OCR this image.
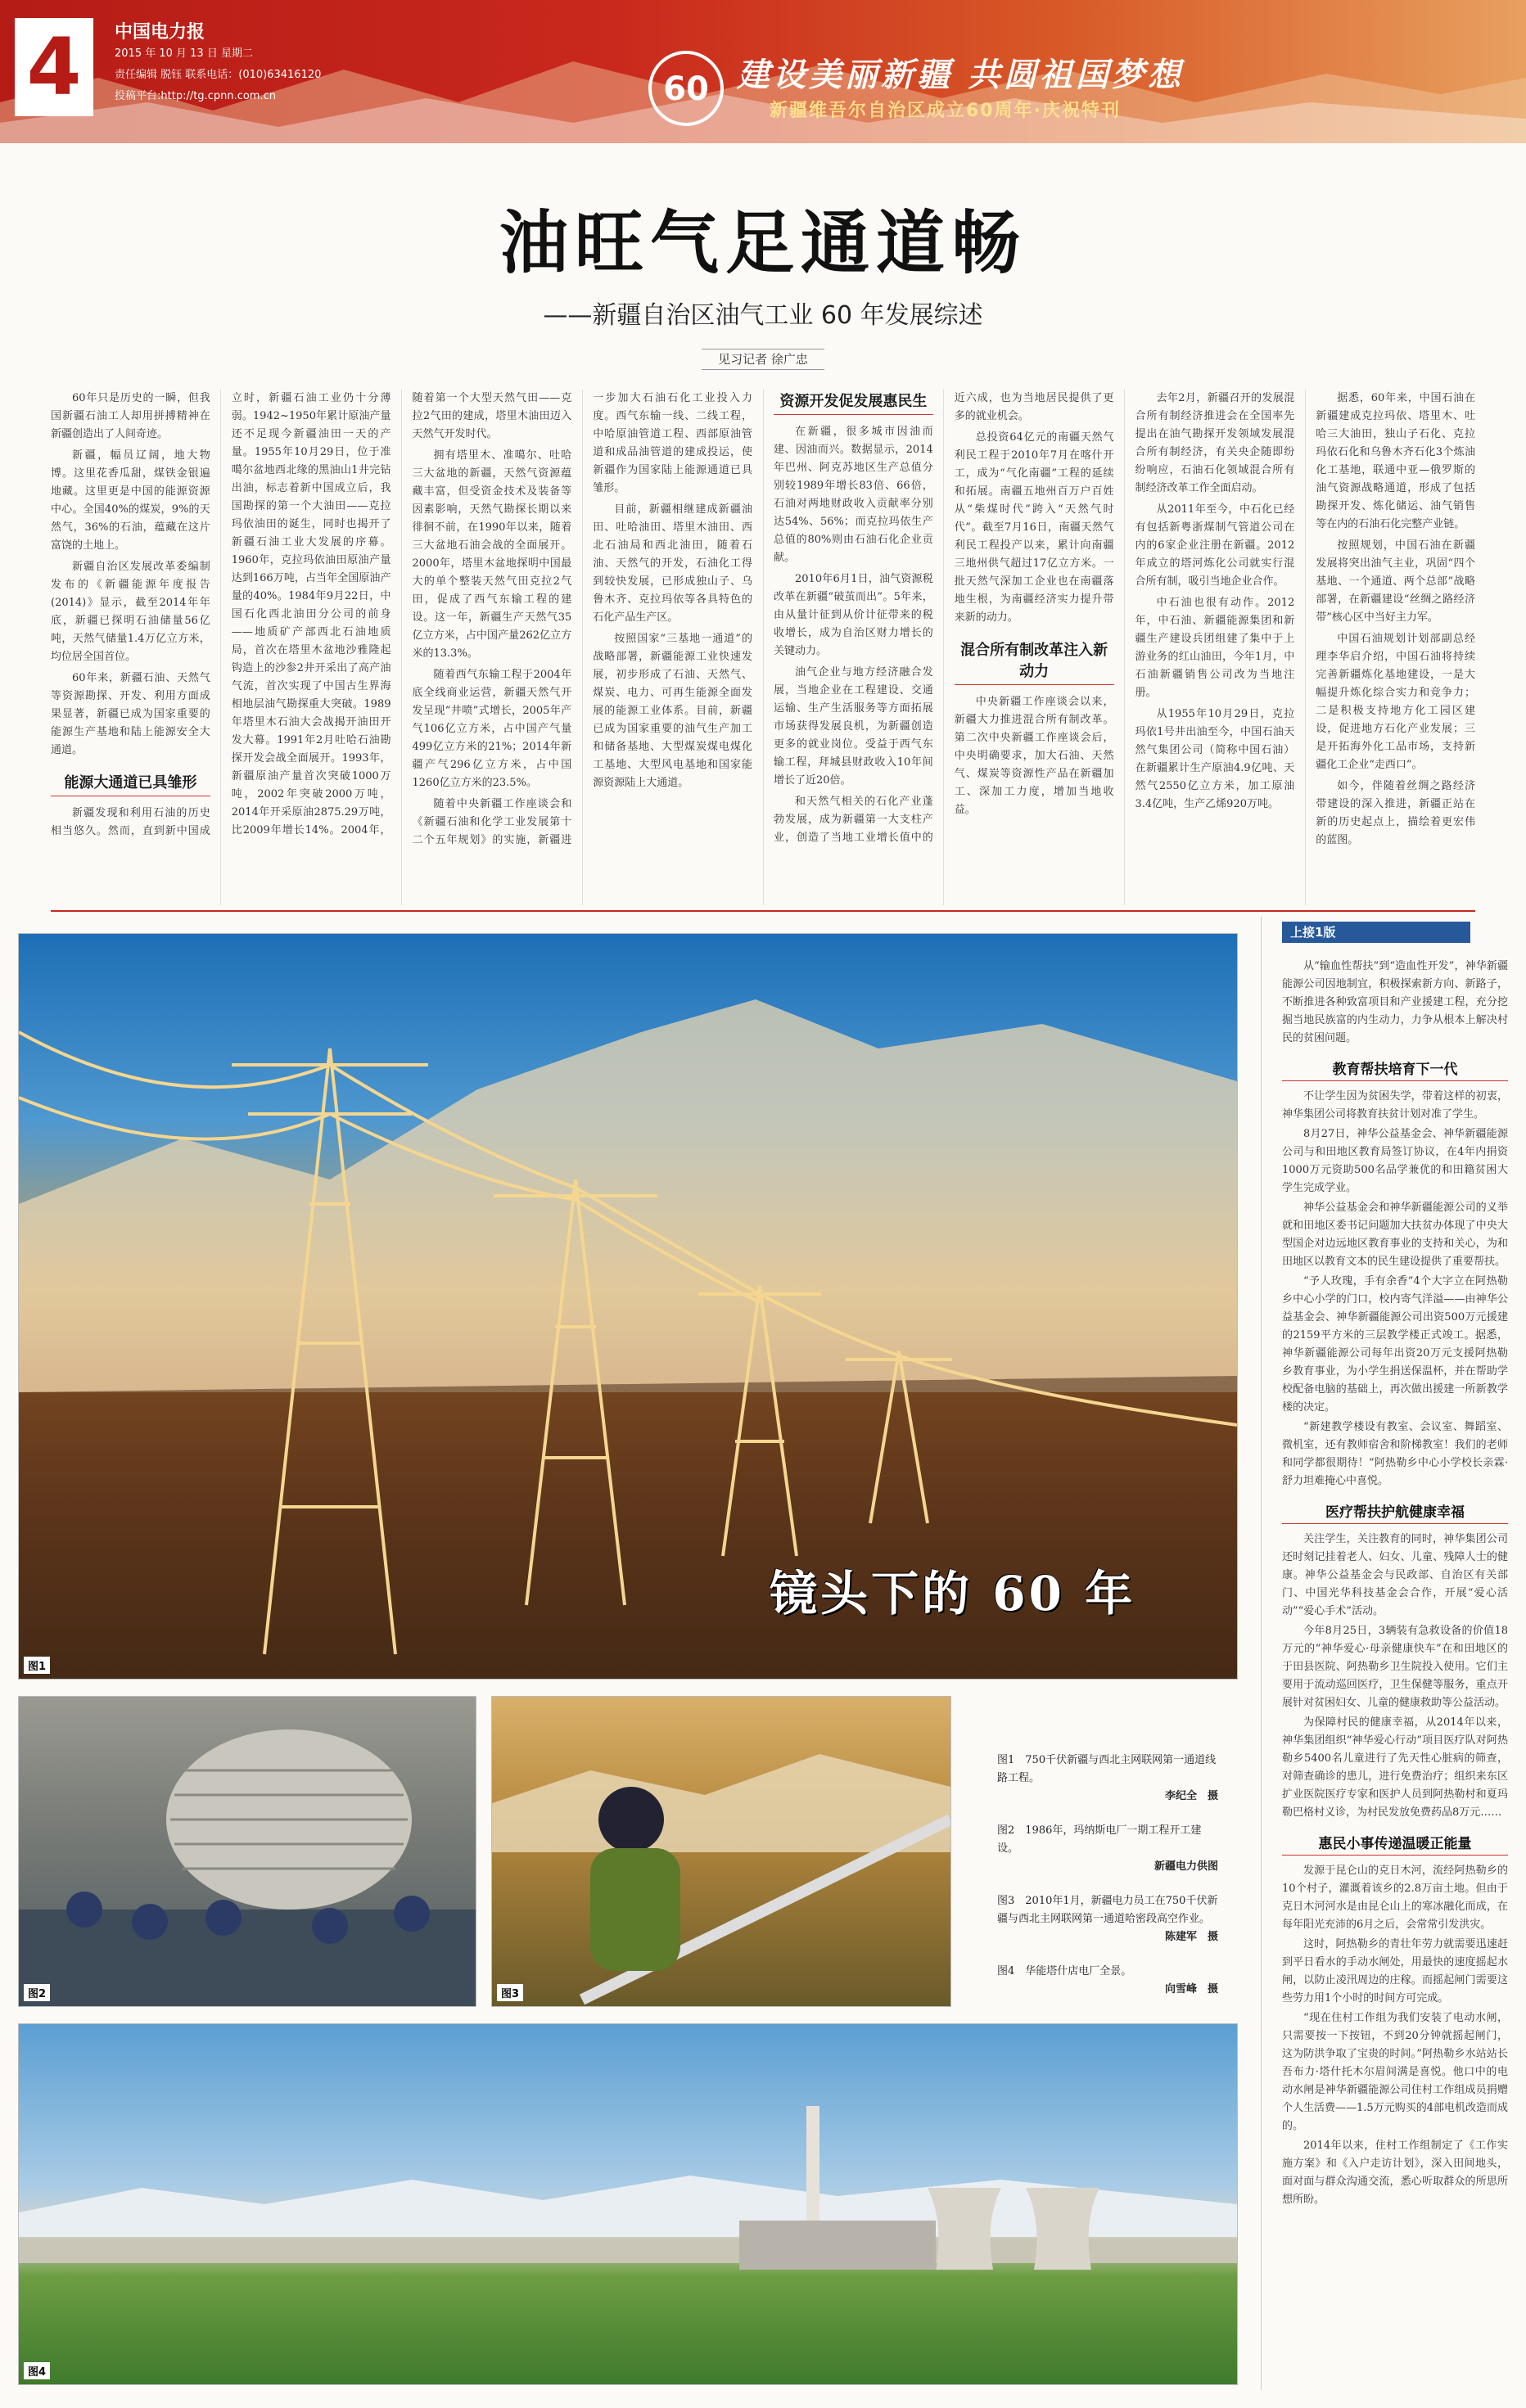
4	中国电力报
2015 年 10 月 13 日 星期二
责任编辑 脱钰 联系电话：(010)63416120
投稿平台:http://tg.cpnn.com.cn	60 建设美丽新疆 共圆祖国梦想
新疆维吾尔自治区成立60周年·庆祝特刊
油旺气足通道畅
——新疆自治区油气工业 60 年发展综述
见习记者 徐广忠

60年只是历史的一瞬，但我国新疆石油工人却用拼搏精神在新疆创造出了人间奇迹。

新疆，幅员辽阔，地大物博。这里花香瓜甜，煤铁金银遍地藏。这里更是中国的能源资源中心。全国40%的煤炭，9%的天然气，36%的石油，蕴藏在这片富饶的土地上。

新疆自治区发展改革委编制发布的《新疆能源年度报告(2014)》显示，截至2014年年底，新疆已探明石油储量56亿吨，天然气储量1.4万亿立方米，均位居全国首位。

60年来，新疆石油、天然气等资源勘探、开发、利用方面成果显著，新疆已成为国家重要的能源生产基地和陆上能源安全大通道。

能源大通道已具雏形

新疆发现和利用石油的历史相当悠久。然而，直到新中国成立时，新疆石油工业仍十分薄弱。1942~1950年累计原油产量还不足现今新疆油田一天的产量。1955年10月29日，位于准噶尔盆地西北缘的黑油山1井完钻出油，标志着新中国成立后，我国勘探的第一个大油田——克拉玛依油田的诞生，同时也揭开了新疆石油工业大发展的序幕。1960年，克拉玛依油田原油产量达到166万吨，占当年全国原油产量的40%。1984年9月22日，中国石化西北油田分公司的前身——地质矿产部西北石油地质局，首次在塔里木盆地沙雅隆起钩造上的沙参2井开采出了高产油气流，首次实现了中国古生界海相地层油气勘探重大突破。1989年塔里木石油大会战揭开油田开发大幕。1991年2月吐哈石油勘探开发会战全面展开。1993年，新疆原油产量首次突破1000万吨，2002年突破2000万吨，2014年开采原油2875.29万吨，比2009年增长14%。2004年，随着第一个大型天然气田——克拉2气田的建成，塔里木油田迈入天然气开发时代。

拥有塔里木、准噶尔、吐哈三大盆地的新疆，天然气资源蕴藏丰富，但受资金技术及装备等因素影响，天然气勘探长期以来徘徊不前，在1990年以来，随着三大盆地石油会战的全面展开。2000年，塔里木盆地探明中国最大的单个整装天然气田克拉2气田，促成了西气东输工程的建设。这一年，新疆生产天然气35亿立方米，占中国产量262亿立方米的13.3%。

随着西气东输工程于2004年底全线商业运营，新疆天然气开发呈现“井喷”式增长，2005年产气106亿立方米，占中国产气量499亿立方米的21%；2014年新疆产气296亿立方米，占中国1260亿立方米的23.5%。

随着中央新疆工作座谈会和《新疆石油和化学工业发展第十二个五年规划》的实施，新疆进一步加大石油石化工业投入力度。西气东输一线、二线工程，中哈原油管道工程、西部原油管道和成品油管道的建成投运，使新疆作为国家陆上能源通道已具雏形。

目前，新疆相继建成新疆油田、吐哈油田、塔里木油田、西北石油局和西北油田，随着石油、天然气的开发，石油化工得到较快发展，已形成独山子、乌鲁木齐、克拉玛依等各具特色的石化产品生产区。

按照国家“三基地一通道”的战略部署，新疆能源工业快速发展，初步形成了石油、天然气、煤炭、电力、可再生能源全面发展的能源工业体系。目前，新疆已成为国家重要的油气生产加工和储备基地、大型煤炭煤电煤化工基地、大型风电基地和国家能源资源陆上大通道。

资源开发促发展惠民生

在新疆，很多城市因油而建、因油而兴。数据显示，2014年巴州、阿克苏地区生产总值分别较1989年增长83倍、66倍，石油对两地财政收入贡献率分别达54%、56%；而克拉玛依生产总值的80%则由石油石化企业贡献。

2010年6月1日，油气资源税改革在新疆“破茧而出”。5年来，由从量计征到从价计征带来的税收增长，成为自治区财力增长的关键动力。

油气企业与地方经济融合发展，当地企业在工程建设、交通运输、生产生活服务等方面拓展市场获得发展良机，为新疆创造更多的就业岗位。受益于西气东输工程，拜城县财政收入10年间增长了近20倍。

和天然气相关的石化产业蓬勃发展，成为新疆第一大支柱产业，创造了当地工业增长值中的近六成，也为当地居民提供了更多的就业机会。

总投资64亿元的南疆天然气利民工程于2010年7月在喀什开工，成为“气化南疆”工程的延续和拓展。南疆五地州百万户百姓从“柴煤时代”跨入“天然气时代”。截至7月16日，南疆天然气利民工程投产以来，累计向南疆三地州供气超过17亿立方米。一批天然气深加工企业也在南疆落地生根，为南疆经济实力提升带来新的动力。

混合所有制改革注入新动力

中央新疆工作座谈会以来，新疆大力推进混合所有制改革。第二次中央新疆工作座谈会后，中央明确要求，加大石油、天然气、煤炭等资源性产品在新疆加工、深加工力度，增加当地收益。

去年2月，新疆召开的发展混合所有制经济推进会在全国率先提出在油气勘探开发领域发展混合所有制经济，有关央企随即纷纷响应，石油石化领域混合所有制经济改革工作全面启动。

从2011年至今，中石化已经有包括新粤浙煤制气管道公司在内的6家企业注册在新疆。2012年成立的塔河炼化公司就实行混合所有制，吸引当地企业合作。

中石油也很有动作。2012年，中石油、新疆能源集团和新疆生产建设兵团组建了集中于上游业务的红山油田，今年1月，中石油新疆销售公司改为当地注册。

从1955年10月29日，克拉玛依1号井出油至今，中国石油天然气集团公司（简称中国石油）在新疆累计生产原油4.9亿吨、天然气2550亿立方米，加工原油3.4亿吨，生产乙烯920万吨。

据悉，60年来，中国石油在新疆建成克拉玛依、塔里木、吐哈三大油田，独山子石化、克拉玛依石化和乌鲁木齐石化3个炼油化工基地，联通中亚—俄罗斯的油气资源战略通道，形成了包括勘探开发、炼化储运、油气销售等在内的石油石化完整产业链。

按照规划，中国石油在新疆发展将突出油气主业，巩固“四个基地、一个通道、两个总部”战略部署，在新疆建设“丝绸之路经济带”核心区中当好主力军。

中国石油规划计划部副总经理李华启介绍，中国石油将持续完善新疆炼化基地建设，一是大幅提升炼化综合实力和竞争力；二是积极支持地方化工园区建设，促进地方石化产业发展；三是开拓海外化工品市场，支持新疆化工企业“走西口”。

如今，伴随着丝绸之路经济带建设的深入推进，新疆正站在新的历史起点上，描绘着更宏伟的蓝图。

图1
镜头下的 60 年
图2	图3
图1　750千伏新疆与西北主网联网第一通道线路工程。
李纪全　摄
图2　1986年，玛纳斯电厂一期工程开工建设。
新疆电力供图
图3　2010年1月，新疆电力员工在750千伏新疆与西北主网联网第一通道哈密段高空作业。
陈建军　摄
图4　华能塔什店电厂全景。
向雪峰　摄
图4
上接1版

从“输血性帮扶”到“造血性开发”，神华新疆能源公司因地制宜，积极探索新方向、新路子，不断推进各种致富项目和产业援建工程，充分挖掘当地民族富的内生动力，力争从根本上解决村民的贫困问题。

教育帮扶培育下一代

不让学生因为贫困失学，带着这样的初衷，神华集团公司将教育扶贫计划对准了学生。

8月27日，神华公益基金会、神华新疆能源公司与和田地区教育局签订协议，在4年内捐资1000万元资助500名品学兼优的和田籍贫困大学生完成学业。

神华公益基金会和神华新疆能源公司的义举就和田地区委书记问题加大扶贫办体现了中央大型国企对边远地区教育事业的支持和关心，为和田地区以教育文本的民生建设提供了重要帮扶。

“予人玫瑰，手有余香”4个大字立在阿热勒乡中心小学的门口，校内寄气洋溢——由神华公益基金会、神华新疆能源公司出资500万元援建的2159平方米的三层教学楼正式竣工。据悉，神华新疆能源公司每年出资20万元支援阿热勒乡教育事业，为小学生捐送保温杯，并在帮助学校配备电脑的基础上，再次做出援建一所新教学楼的决定。

“新建教学楼设有教室、会议室、舞蹈室、微机室，还有教师宿舍和阶梯教室！我们的老师和同学都很期待！”阿热勒乡中心小学校长亲霖·舒力坦难掩心中喜悦。

医疗帮扶护航健康幸福

关注学生，关注教育的同时，神华集团公司还时刻记挂着老人、妇女、儿童、残障人士的健康。神华公益基金会与民政部、自治区有关部门、中国光华科技基金会合作，开展“爱心活动”“爱心手术”活动。

今年8月25日，3辆装有急救设备的价值18万元的“神华爱心·母亲健康快车”在和田地区的于田县医院、阿热勒乡卫生院投入使用。它们主要用于流动巡回医疗，卫生保健等服务，重点开展针对贫困妇女、儿童的健康救助等公益活动。

为保障村民的健康幸福，从2014年以来，神华集团组织“神华爱心行动”项目医疗队对阿热勒乡5400名儿童进行了先天性心脏病的筛查，对筛查确诊的患儿，进行免费治疗；组织来东区扩业医院医疗专家和医护人员到阿热勒村和夏玛勒巴格村义诊，为村民发放免费药品8万元……

惠民小事传递温暖正能量

发源于昆仑山的克日木河，流经阿热勒乡的10个村子，灌溉着该乡的2.8万亩土地。但由于克日木河河水是由昆仑山上的寒冰融化而成，在每年阳光充沛的6月之后，会常常引发洪灾。

这时，阿热勒乡的青壮年劳力就需要迅速赶到平日看水的手动水闸处，用最快的速度摇起水闸，以防止凌汛周边的庄稼。而摇起闸门需要这些劳力用1个小时的时间方可完成。

“现在住村工作组为我们安装了电动水闸，只需要按一下按钮，不到20分钟就摇起闸门，这为防洪争取了宝贵的时间。”阿热勒乡水站站长吾布力·塔什托木尔眉间满是喜悦。他口中的电动水闸是神华新疆能源公司住村工作组成员捐赠个人生活费——1.5万元购买的4部电机改造而成的。

2014年以来，住村工作组制定了《工作实施方案》和《入户走访计划》，深入田间地头，面对面与群众沟通交流，悉心听取群众的所思所想所盼。
